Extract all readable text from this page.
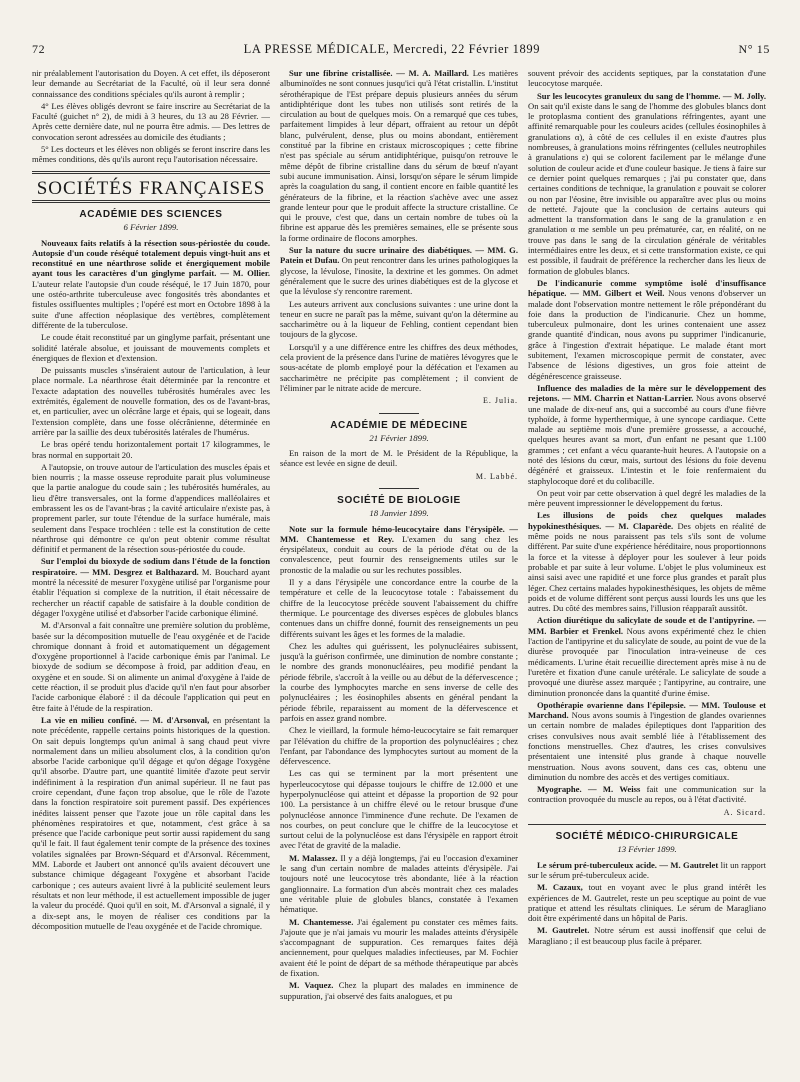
72	LA PRESSE MÉDICALE, Mercredi, 22 Février 1899	N° 15

nir préalablement l'autorisation du Doyen. A cet effet, ils déposeront leur demande au Secrétariat de la Faculté, où il leur sera donné connaissance des conditions spéciales qu'ils auront à remplir ;

4° Les élèves obligés devront se faire inscrire au Secrétariat de la Faculté (guichet n° 2), de midi à 3 heures, du 13 au 28 Février. — Après cette dernière date, nul ne pourra être admis. — Des lettres de convocation seront adressées au domicile des étudiants ;

5° Les docteurs et les élèves non obligés se feront inscrire dans les mêmes conditions, dès qu'ils auront reçu l'autorisation nécessaire.

SOCIÉTÉS FRANÇAISES
ACADÉMIE DES SCIENCES
6 Février 1899.

Nouveaux faits relatifs à la résection sous-périostée du coude. Autopsie d'un coude réséqué totalement depuis vingt-huit ans et reconstitué en une néarthrose solide et énergiquement mobile ayant tous les caractères d'un ginglyme parfait. — M. Ollier. L'auteur relate l'autopsie d'un coude réséqué, le 17 Juin 1870, pour une ostéo-arthrite tuberculeuse avec fongosités très abondantes et fistules ossifluentes multiples ; l'opéré est mort en Octobre 1898 à la suite d'une affection néoplasique des vertèbres, complètement différente de la tuberculose.

Le coude était reconstitué par un ginglyme parfait, présentant une solidité latérale absolue, et jouissant de mouvements complets et énergiques de flexion et d'extension.

De puissants muscles s'inséraient autour de l'articulation, à leur place normale. La néarthrose était déterminée par la rencontre et l'exacte adaptation des nouvelles tubérosités humérales avec les extrémités, également de nouvelle formation, des os de l'avant-bras, et, en particulier, avec un olécrâne large et épais, qui se logeait, dans l'extension complète, dans une fosse olécrânienne, déterminée en arrière par la saillie des deux tubérosités latérales de l'humérus.

Le bras opéré tendu horizontalement portait 17 kilogrammes, le bras normal en supportait 20.

A l'autopsie, on trouve autour de l'articulation des muscles épais et bien nourris ; la masse osseuse reproduite parait plus volumineuse que la partie analogue du coude sain ; les tubérosités humérales, au lieu d'être transversales, ont la forme d'appendices malléolaires et embrassent les os de l'avant-bras ; la cavité articulaire n'existe pas, à proprement parler, sur toute l'étendue de la surface humérale, mais seulement dans l'espace trochléen : telle est la constitution de cette néarthrose qui démontre ce qu'on peut obtenir comme résultat définitif et permanent de la résection sous-périostée du coude.

Sur l'emploi du bioxyde de sodium dans l'étude de la fonction respiratoire. — MM. Desgrez et Balthazard. M. Bouchard ayant montré la nécessité de mesurer l'oxygène utilisé par l'organisme pour établir l'équation si complexe de la nutrition, il était nécessaire de rechercher un réactif capable de satisfaire à la double condition de dégager l'oxygène utilisé et d'absorber l'acide carbonique éliminé.

M. d'Arsonval a fait connaître une première solution du problème, basée sur la décomposition mutuelle de l'eau oxygénée et de l'acide chromique donnant à froid et automatiquement un dégagement d'oxygène proportionnel à l'acide carbonique émis par l'animal. Le bioxyde de sodium se décompose à froid, par addition d'eau, en oxygène et en soude. Si on alimente un animal d'oxygène à l'aide de cette réaction, il se produit plus d'acide qu'il n'en faut pour absorber l'acide carbonique élaboré : il da découle l'application qui peut en être faite à l'étude de la respiration.

La vie en milieu confiné. — M. d'Arsonval, en présentant la note précédente, rappelle certains points historiques de la question. On sait depuis longtemps qu'un animal à sang chaud peut vivre normalement dans un milieu absolument clos, à la condition qu'on absorbe l'acide carbonique qu'il dégage et qu'on dégage l'oxygène qu'il absorbe. D'autre part, une quantité limitée d'azote peut servir indéfiniment à la respiration d'un animal supérieur. Il ne faut pas croire cependant, d'une façon trop absolue, que le rôle de l'azote dans la fonction respiratoire soit purement passif. Des expériences inédites laissent penser que l'azote joue un rôle capital dans les phénomènes respiratoires et que, notamment, c'est grâce à sa présence que l'acide carbonique peut sortir aussi rapidement du sang qu'il le fait. Il faut également tenir compte de la présence des toxines volatiles signalées par Brown-Séquard et d'Arsonval. Récemment, MM. Laborde et Jaubert ont annoncé qu'ils avaient découvert une substance chimique dégageant l'oxygène et absorbant l'acide carbonique ; ces auteurs avaient livré à la publicité seulement leurs résultats et non leur méthode, il est actuellement impossible de juger la valeur du procédé. Quoi qu'il en soit, M. d'Arsonval a signalé, il y a dix-sept ans, le moyen de réaliser ces conditions par la décomposition mutuelle de l'eau oxygénée et de l'acide chromique.

Sur une fibrine cristallisée. — M. A. Maillard. Les matières albuminoïdes ne sont connues jusqu'ici qu'à l'état cristallin. L'institut sérothérapique de l'Est prépare depuis plusieurs années du sérum antidiphtérique dont les tubes non utilisés sont retirés de la circulation au bout de quelques mois. On a remarqué que ces tubes, parfaitement limpides à leur départ, offraient au retour un dépôt blanc, pulvérulent, dense, plus ou moins abondant, entièrement constitué par la fibrine en cristaux microscopiques ; cette fibrine n'est pas spéciale au sérum antidiphtérique, puisqu'on retrouve le même dépôt de fibrine cristalline dans du sérum de bœuf n'ayant subi aucune immunisation. Ainsi, lorsqu'on sépare le sérum limpide après la coagulation du sang, il contient encore en faible quantité les générateurs de la fibrine, et la réaction s'achève avec une assez grande lenteur pour que le produit affecte la structure cristalline. Ce qui le prouve, c'est que, dans un certain nombre de tubes où la fibrine est apparue dès les premières semaines, elle se présente sous la forme ordinaire de flocons amorphes.

Sur la nature du sucre urinaire des diabétiques. — MM. G. Patein et Dufau. On peut rencontrer dans les urines pathologiques la glycose, la lévulose, l'inosite, la dextrine et les gommes. On admet généralement que le sucre des urines diabétiques est de la glycose et que la lévulose s'y rencontre rarement.

Les auteurs arrivent aux conclusions suivantes : une urine dont la teneur en sucre ne paraît pas la même, suivant qu'on la détermine au saccharimètre ou à la liqueur de Fehling, contient cependant bien toujours de la glycose.

Lorsqu'il y a une différence entre les chiffres des deux méthodes, cela provient de la présence dans l'urine de matières lévogyres que le sous-acétate de plomb employé pour la défécation et l'examen au saccharimètre ne précipite pas complètement ; il convient de l'éliminer par le nitrate acide de mercure.

E. Julia.
ACADÉMIE DE MÉDECINE
21 Février 1899.

En raison de la mort de M. le Président de la République, la séance est levée en signe de deuil.

M. Labbé.
SOCIÉTÉ DE BIOLOGIE
18 Janvier 1899.

Note sur la formule hémo-leucocytaire dans l'érysipèle. — MM. Chantemesse et Rey. L'examen du sang chez les érysipélateux, conduit au cours de la période d'état ou de la convalescence, peut fournir des renseignements utiles sur le pronostic de la maladie ou sur les rechutes possibles.

Il y a dans l'érysipèle une concordance entre la courbe de la température et celle de la leucocytose totale : l'abaissement du chiffre de la leucocytose précède souvent l'abaissement du chiffre thermique. Le pourcentage des diverses espèces de globules blancs contenues dans un chiffre donné, fournit des renseignements un peu différents suivant les âges et les formes de la maladie.

Chez les adultes qui guérissent, les polynucléaires subissent, jusqu'à la guérison confirmée, une diminution de nombre constante ; le nombre des grands mononucléaires, peu modifié pendant la période fébrile, s'accroît à la veille ou au début de la défervescence ; la courbe des lymphocytes marche en sens inverse de celle des polynucléaires ; les éosinophiles absents en général pendant la période fébrile, reparaissent au moment de la défervescence et parfois en assez grand nombre.

Chez le vieillard, la formule hémo-leucocytaire se fait remarquer par l'élévation du chiffre de la proportion des polynucléaires ; chez l'enfant, par l'abondance des lymphocytes surtout au moment de la défervescence.

Les cas qui se terminent par la mort présentent une hyperleucocytose qui dépasse toujours le chiffre de 12.000 et une hyperpolynucléose qui atteint et dépasse la proportion de 92 pour 100. La persistance à un chiffre élevé ou le retour brusque d'une polynucléose annonce l'imminence d'une rechute. De l'examen de nos courbes, on peut conclure que le chiffre de la leucocytose et surtout celui de la polynucléose est dans l'érysipèle en rapport étroit avec l'état de gravité de la maladie.

M. Malassez. Il y a déjà longtemps, j'ai eu l'occasion d'examiner le sang d'un certain nombre de malades atteints d'érysipèle. J'ai toujours noté une leucocytose très abondante, liée à la réaction ganglionnaire. La formation d'un abcès montrait chez ces malades une véritable pluie de globules blancs, constatée à l'examen hématique.

M. Chantemesse. J'ai également pu constater ces mêmes faits. J'ajoute que je n'ai jamais vu mourir les malades atteints d'érysipèle s'accompagnant de suppuration. Ces remarques faites déjà anciennement, pour quelques maladies infectieuses, par M. Fochier avaient été le point de départ de sa méthode thérapeutique par abcès de fixation.

M. Vaquez. Chez la plupart des malades en imminence de suppuration, j'ai observé des faits analogues, et pu

souvent prévoir des accidents septiques, par la constatation d'une leucocytose marquée.

Sur les leucocytes granuleux du sang de l'homme. — M. Jolly. On sait qu'il existe dans le sang de l'homme des globules blancs dont le protoplasma contient des granulations réfringentes, ayant une affinité remarquable pour les couleurs acides (cellules éosinophiles à granulations α), à côté de ces cellules il en existe d'autres plus nombreuses, à granulations moins réfringentes (cellules neutrophiles à granulations ε) qui se colorent facilement par le mélange d'une solution de couleur acide et d'une couleur basique. Je tiens à faire sur ce dernier point quelques remarques ; j'ai pu constater que, dans certaines conditions de technique, la granulation ε pouvait se colorer ou non par l'éosine, être invisible ou apparaître avec plus ou moins de netteté. J'ajoute que la conclusion de certains auteurs qui admettent la transformation dans le sang de la granulation ε en granulation α me semble un peu prématurée, car, en réalité, on ne trouve pas dans le sang de la circulation générale de véritables intermédiaires entre les deux, et si cette transformation existe, ce qui est possible, il faudrait de préférence la rechercher dans les lieux de formation de globules blancs.

De l'indicanurie comme symptôme isolé d'insuffisance hépatique. — MM. Gilbert et Weil. Nous venons d'observer un malade dont l'observation montre nettement le rôle prépondérant du foie dans la production de l'indicanurie. Chez un homme, tuberculeux pulmonaire, dont les urines contenaient une assez grande quantité d'indican, nous avons pu supprimer l'indicanurie, grâce à l'ingestion d'extrait hépatique. Le malade étant mort subitement, l'examen microscopique permit de constater, avec l'absence de lésions digestives, un gros foie atteint de dégénérescence graisseuse.

Influence des maladies de la mère sur le développement des rejetons. — MM. Charrin et Nattan-Larrier. Nous avons observé une malade de dix-neuf ans, qui a succombé au cours d'une fièvre typhoïde, à forme hyperthermique, à une syncope cardiaque. Cette malade au septième mois d'une première grossesse, a accouché, quelques heures avant sa mort, d'un enfant ne pesant que 1.100 grammes ; cet enfant a vécu quarante-huit heures. A l'autopsie on a noté des lésions du cœur, mais, surtout des lésions du foie devenu dégénéré et graisseux. L'intestin et le foie renfermaient du staphylocoque doré et du colibacille.

On peut voir par cette observation à quel degré les maladies de la mère peuvent impressionner le développement du fœtus.

Les illusions de poids chez quelques malades hypokinesthésiques. — M. Claparède. Des objets en réalité de même poids ne nous paraissent pas tels s'ils sont de volume différent. Par suite d'une expérience héréditaire, nous proportionnons la force et la vitesse à déployer pour les soulever à leur poids probable et par suite à leur volume. L'objet le plus volumineux est ainsi saisi avec une rapidité et une force plus grandes et paraît plus léger. Chez certains malades hypokinesthésiques, les objets de même poids et de volume différent sont perçus aussi lourds les uns que les autres. Du côté des membres sains, l'illusion réapparaît aussitôt.

Action diurétique du salicylate de soude et de l'antipyrine. — MM. Barbier et Frenkel. Nous avons expérimenté chez le chien l'action de l'antipyrine et du salicylate de soude, au point de vue de la diurèse provoquée par l'inoculation intra-veineuse de ces médicaments. L'urine était recueillie directement après mise à nu de l'uretère et fixation d'une canule urétérale. Le salicylate de soude a provoqué une diurèse assez marquée ; l'antipyrine, au contraire, une diminution prononcée dans la quantité d'urine émise.

Opothérapie ovarienne dans l'épilepsie. — MM. Toulouse et Marchand. Nous avons soumis à l'ingestion de glandes ovariennes un certain nombre de malades épileptiques dont l'apparition des crises convulsives nous avait semblé liée à l'établissement des fonctions menstruelles. Chez d'autres, les crises convulsives présentaient une intensité plus grande à chaque nouvelle menstruation. Nous avons souvent, dans ces cas, obtenu une diminution du nombre des accès et des vertiges comitiaux.

Myographe. — M. Weiss fait une communication sur la contraction provoquée du muscle au repos, ou à l'état d'activité.

A. Sicard.
SOCIÉTÉ MÉDICO-CHIRURGICALE
13 Février 1899.

Le sérum pré-tuberculeux acide. — M. Gautrelet lit un rapport sur le sérum pré-tuberculeux acide.

M. Cazaux, tout en voyant avec le plus grand intérêt les expériences de M. Gautrelet, reste un peu sceptique au point de vue pratique et attend les résultats cliniques. Le sérum de Maragliano doit être expérimenté dans un hôpital de Paris.

M. Gautrelet. Notre sérum est aussi inoffensif que celui de Maragliano ; il est beaucoup plus facile à préparer.
